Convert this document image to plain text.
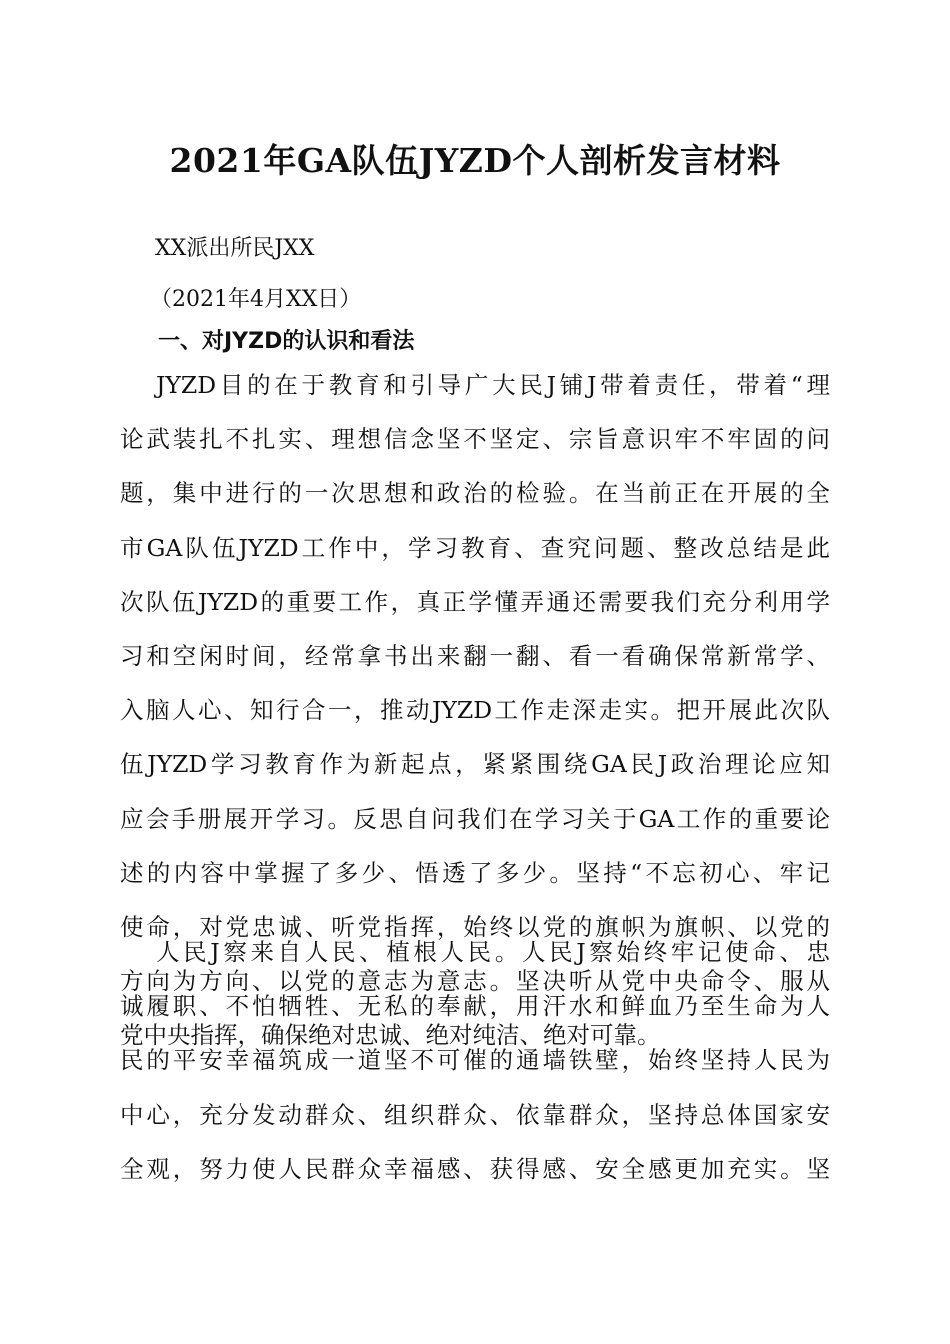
2021年GA队伍JYZD个人剖析发言材料
XX派出所民JXX
（2021年4月XX日）
一、对JYZD的认识和看法
JYZD目的在于教育和引导广大民J铺J带着责任，带着“理
论武装扎不扎实、理想信念坚不坚定、宗旨意识牢不牢固的问
题，集中进行的一次思想和政治的检验。在当前正在开展的全
市GA队伍JYZD工作中，学习教育、查究问题、整改总结是此
次队伍JYZD的重要工作，真正学懂弄通还需要我们充分利用学
习和空闲时间，经常拿书出来翻一翻、看一看确保常新常学、
入脑人心、知行合一，推动JYZD工作走深走实。把开展此次队
伍JYZD学习教育作为新起点，紧紧围绕GA民J政治理论应知
应会手册展开学习。反思自问我们在学习关于GA工作的重要论
述的内容中掌握了多少、悟透了多少。坚持“不忘初心、牢记
使命，对党忠诚、听党指挥，始终以党的旗帜为旗帜、以党的
方向为方向、以党的意志为意志。坚决听从党中央命令、服从
党中央指挥，确保绝对忠诚、绝对纯洁、绝对可靠。
人民J察来自人民、植根人民。人民J察始终牢记使命、忠
诚履职、不怕牺牲、无私的奉献，用汗水和鲜血乃至生命为人
民的平安幸福筑成一道坚不可催的通墙铁壁，始终坚持人民为
中心，充分发动群众、组织群众、依靠群众，坚持总体国家安
全观，努力使人民群众幸福感、获得感、安全感更加充实。坚
